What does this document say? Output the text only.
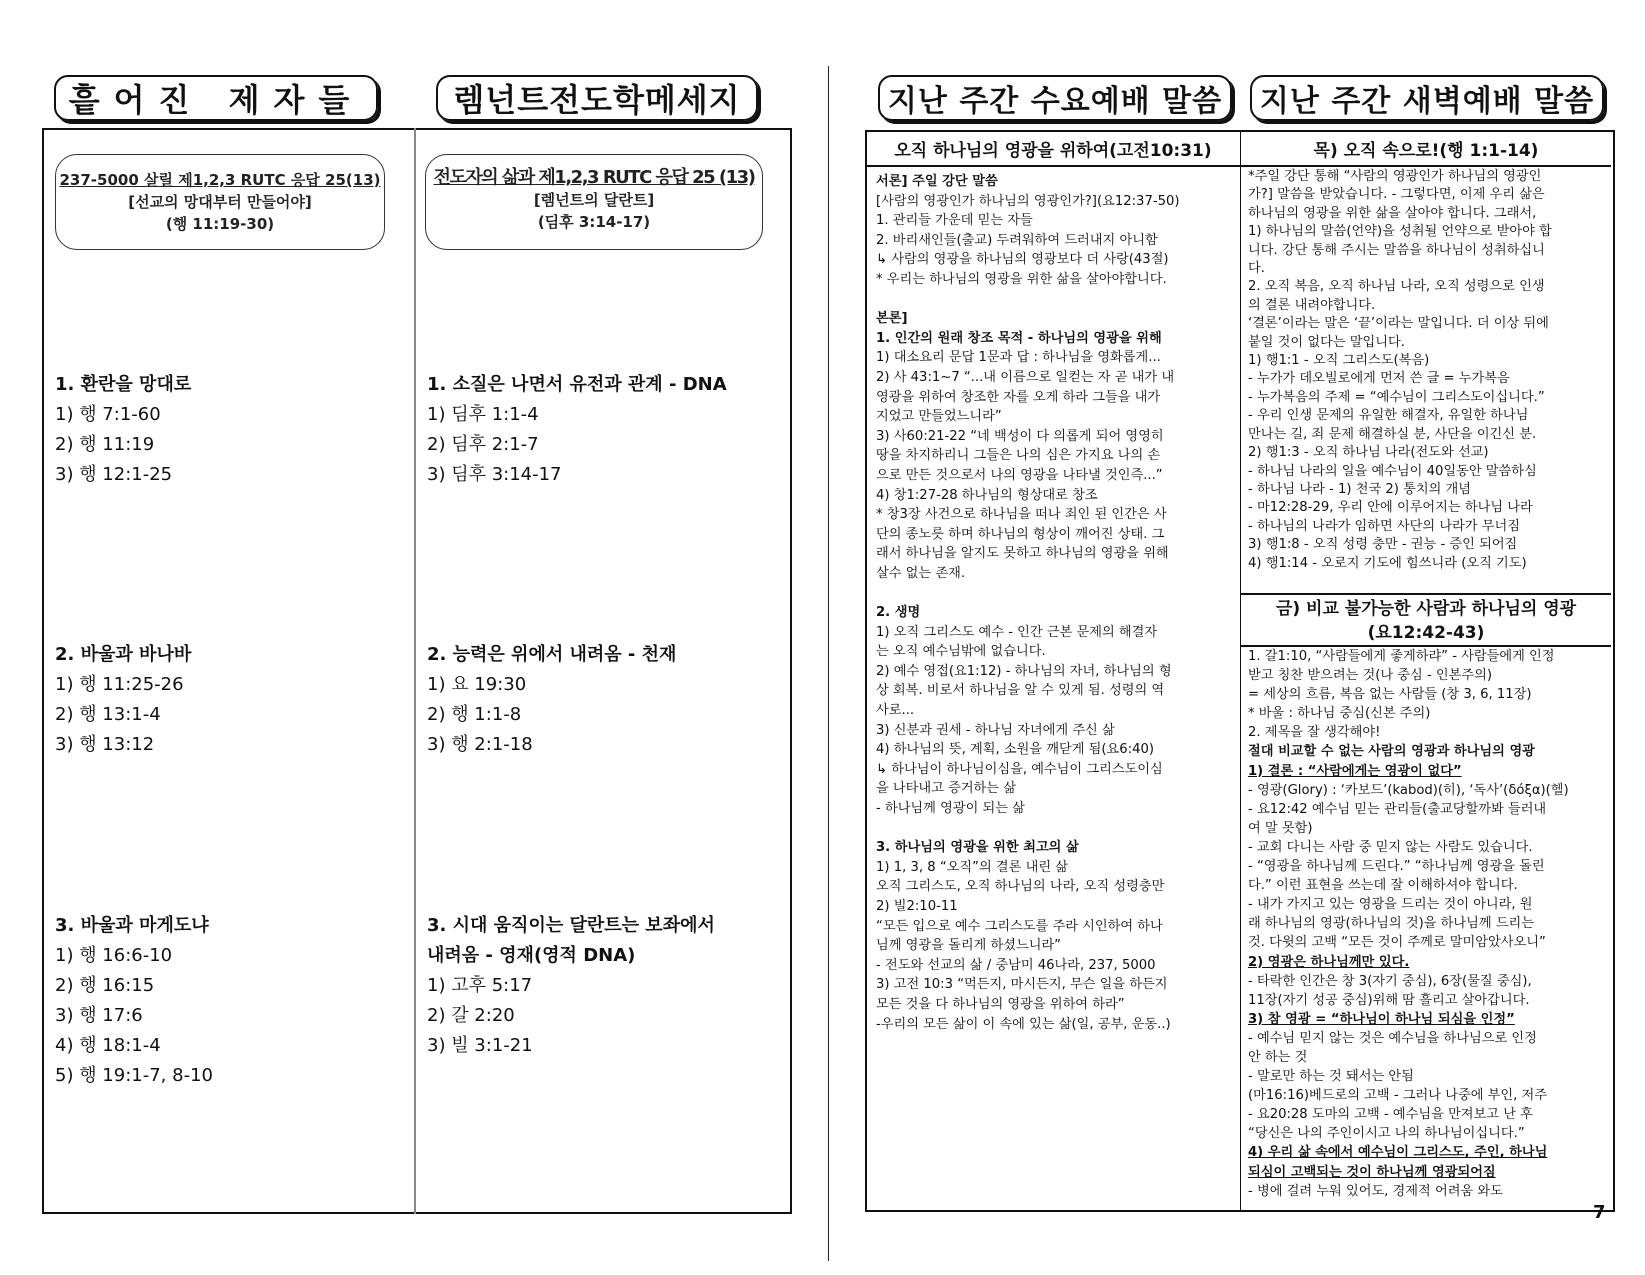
흩어진 제자들	렘넌트전도학메세지	지난 주간 수요예배 말씀	지난 주간 새벽예배 말씀
237-5000 살릴 제1,2,3 RUTC 응답 25(13)
[선교의 망대부터 만들어야]
(행 11:19-30)
전도자의 삶과 제1,2,3 RUTC 응답 25 (13)
[렘넌트의 달란트]
(딤후 3:14-17)
1. 환란을 망대로
1) 행 7:1-60
2) 행 11:19
3) 행 12:1-25
2. 바울과 바나바
1) 행 11:25-26
2) 행 13:1-4
3) 행 13:12
3. 바울과 마게도냐
1) 행 16:6-10
2) 행 16:15
3) 행 17:6
4) 행 18:1-4
5) 행 19:1-7, 8-10
1. 소질은 나면서 유전과 관계 - DNA
1) 딤후 1:1-4
2) 딤후 2:1-7
3) 딤후 3:14-17
2. 능력은 위에서 내려옴 - 천재
1) 요 19:30
2) 행 1:1-8
3) 행 2:1-18
3. 시대 움직이는 달란트는 보좌에서
내려옴 - 영재(영적 DNA)
1) 고후 5:17
2) 갈 2:20
3) 빌 3:1-21
오직 하나님의 영광을 위하여(고전10:31)	목) 오직 속으로!(행 1:1-14)
서론] 주일 강단 말씀
[사람의 영광인가 하나님의 영광인가?](요12:37-50)
1. 관리들 가운데 믿는 자들
2. 바리새인들(출교) 두려워하여 드러내지 아니함
↳ 사람의 영광을 하나님의 영광보다 더 사랑(43절)
* 우리는 하나님의 영광을 위한 삶을 살아야합니다.

본론]
1. 인간의 원래 창조 목적 - 하나님의 영광을 위해
1) 대소요리 문답 1문과 답 : 하나님을 영화롭게...
2) 사 43:1~7 “...내 이름으로 일컫는 자 곧 내가 내
영광을 위하여 창조한 자를 오게 하라 그들을 내가
지었고 만들었느니라”
3) 사60:21-22 “네 백성이 다 의롭게 되어 영영히
땅을 차지하리니 그들은 나의 심은 가지요 나의 손
으로 만든 것으로서 나의 영광을 나타낼 것인즉...”
4) 창1:27-28 하나님의 형상대로 창조
* 창3장 사건으로 하나님을 떠나 죄인 된 인간은 사
단의 종노릇 하며 하나님의 형상이 깨어진 상태. 그
래서 하나님을 알지도 못하고 하나님의 영광을 위해
살수 없는 존재.

2. 생명
1) 오직 그리스도 예수 - 인간 근본 문제의 해결자
는 오직 예수님밖에 없습니다.
2) 예수 영접(요1:12) - 하나님의 자녀, 하나님의 형
상 회복. 비로서 하나님을 알 수 있게 됨. 성령의 역
사로...
3) 신분과 권세 - 하나님 자녀에게 주신 삶
4) 하나님의 뜻, 계획, 소원을 깨닫게 됨(요6:40)
↳ 하나님이 하나님이심을, 예수님이 그리스도이심
을 나타내고 증거하는 삶
- 하나님께 영광이 되는 삶

3. 하나님의 영광을 위한 최고의 삶
1) 1, 3, 8 “오직”의 결론 내린 삶
오직 그리스도, 오직 하나님의 나라, 오직 성령충만
2) 빌2:10-11
“모든 입으로 예수 그리스도를 주라 시인하여 하나
님께 영광을 돌리게 하셨느니라”
- 전도와 선교의 삶 / 중남미 46나라, 237, 5000
3) 고전 10:3 “먹든지, 마시든지, 무슨 일을 하든지
모든 것을 다 하나님의 영광을 위하여 하라”
-우리의 모든 삶이 이 속에 있는 삶(일, 공부, 운동..)
*주일 강단 통해 “사람의 영광인가 하나님의 영광인
가?] 말씀을 받았습니다. - 그렇다면, 이제 우리 삶은
하나님의 영광을 위한 삶을 살아야 합니다. 그래서,
1) 하나님의 말씀(언약)을 성취될 언약으로 받아야 합
니다. 강단 통해 주시는 말씀을 하나님이 성취하십니
다.
2. 오직 복음, 오직 하나님 나라, 오직 성령으로 인생
의 결론 내려야합니다.
‘결론’이라는 말은 ‘끝’이라는 말입니다. 더 이상 뒤에
붙일 것이 없다는 말입니다.
1) 행1:1 - 오직 그리스도(복음)
- 누가가 데오빌로에게 먼저 쓴 글 = 누가복음
- 누가복음의 주제 = “예수님이 그리스도이십니다.”
- 우리 인생 문제의 유일한 해결자, 유일한 하나님
만나는 길, 죄 문제 해결하실 분, 사단을 이긴신 분.
2) 행1:3 - 오직 하나님 나라(전도와 선교)
- 하나님 나라의 일을 예수님이 40일동안 말씀하심
- 하나님 나라 - 1) 천국 2) 통치의 개념
- 마12:28-29, 우리 안에 이루어지는 하나님 나라
- 하나님의 나라가 임하면 사단의 나라가 무너짐
3) 행1:8 - 오직 성령 충만 - 권능 - 증인 되어짐
4) 행1:14 - 오로지 기도에 힘쓰니라 (오직 기도)
금) 비교 불가능한 사람과 하나님의 영광
(요12:42-43)
1. 갈1:10, “사람들에게 좋게하랴” - 사람들에게 인정
받고 칭찬 받으려는 것(나 중심 - 인본주의)
= 세상의 흐름, 복음 없는 사람들 (창 3, 6, 11장)
* 바울 : 하나님 중심(신본 주의)
2. 제목을 잘 생각해야!
절대 비교할 수 없는 사람의 영광과 하나님의 영광
1) 결론 : “사람에게는 영광이 없다”
- 영광(Glory) : ‘카보드’(kabod)(히), ‘독사’(δόξα)(헬)
- 요12:42 예수님 믿는 관리들(출교당할까봐 들러내
여 말 못함)
- 교회 다니는 사람 중 믿지 않는 사람도 있습니다.
- “영광을 하나님께 드린다.” “하나님께 영광을 돌린
다.” 이런 표현을 쓰는데 잘 이해하셔야 합니다.
- 내가 가지고 있는 영광을 드리는 것이 아니라, 원
래 하나님의 영광(하나님의 것)을 하나님께 드리는
것. 다윗의 고백 “모든 것이 주께로 말미암았사오니”
2) 영광은 하나님께만 있다.
- 타락한 인간은 창 3(자기 중심), 6장(물질 중심),
11장(자기 성공 중심)위해 땀 흘리고 살아갑니다.
3) 참 영광 = “하나님이 하나님 되심을 인정”
- 예수님 믿지 않는 것은 예수님을 하나님으로 인정
안 하는 것
- 말로만 하는 것 돼서는 안됨
(마16:16)베드로의 고백 - 그러나 나중에 부인, 저주
- 요20:28 도마의 고백 - 예수님을 만져보고 난 후
“당신은 나의 주인이시고 나의 하나님이십니다.”
4) 우리 삶 속에서 예수님이 그리스도, 주인, 하나님
되심이 고백되는 것이 하나님께 영광되어짐
- 병에 걸려 누워 있어도, 경제적 어려움 와도
7
